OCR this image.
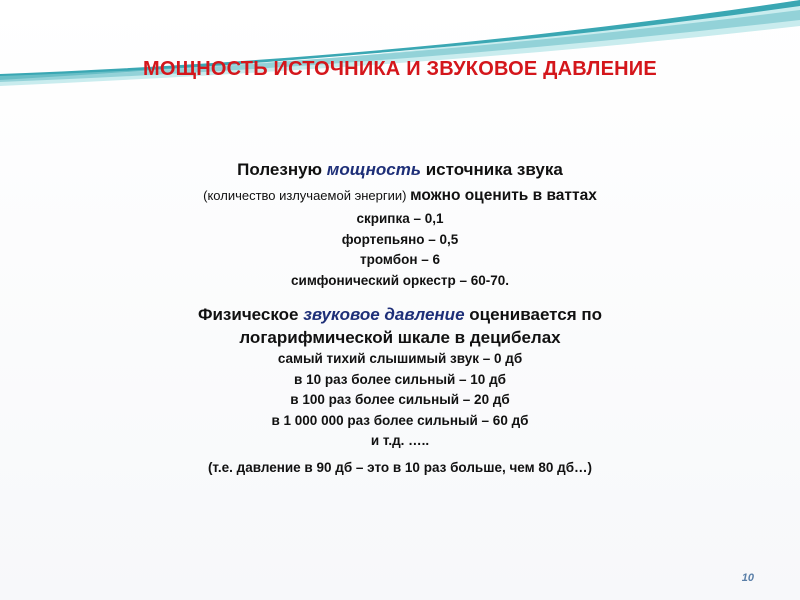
МОЩНОСТЬ ИСТОЧНИКА И ЗВУКОВОЕ ДАВЛЕНИЕ
Полезную мощность источника звука
(количество излучаемой энергии) можно оценить в ваттах
скрипка – 0,1
фортепьяно – 0,5
тромбон – 6
симфонический оркестр – 60-70.
Физическое звуковое давление оценивается по
логарифмической шкале в децибелах
самый тихий слышимый звук – 0 дб
в 10 раз более сильный – 10 дб
в 100 раз более сильный – 20 дб
в 1 000 000 раз более сильный – 60 дб
и т.д. …..
(т.е. давление в 90 дб – это в 10 раз больше, чем 80 дб…)
10
